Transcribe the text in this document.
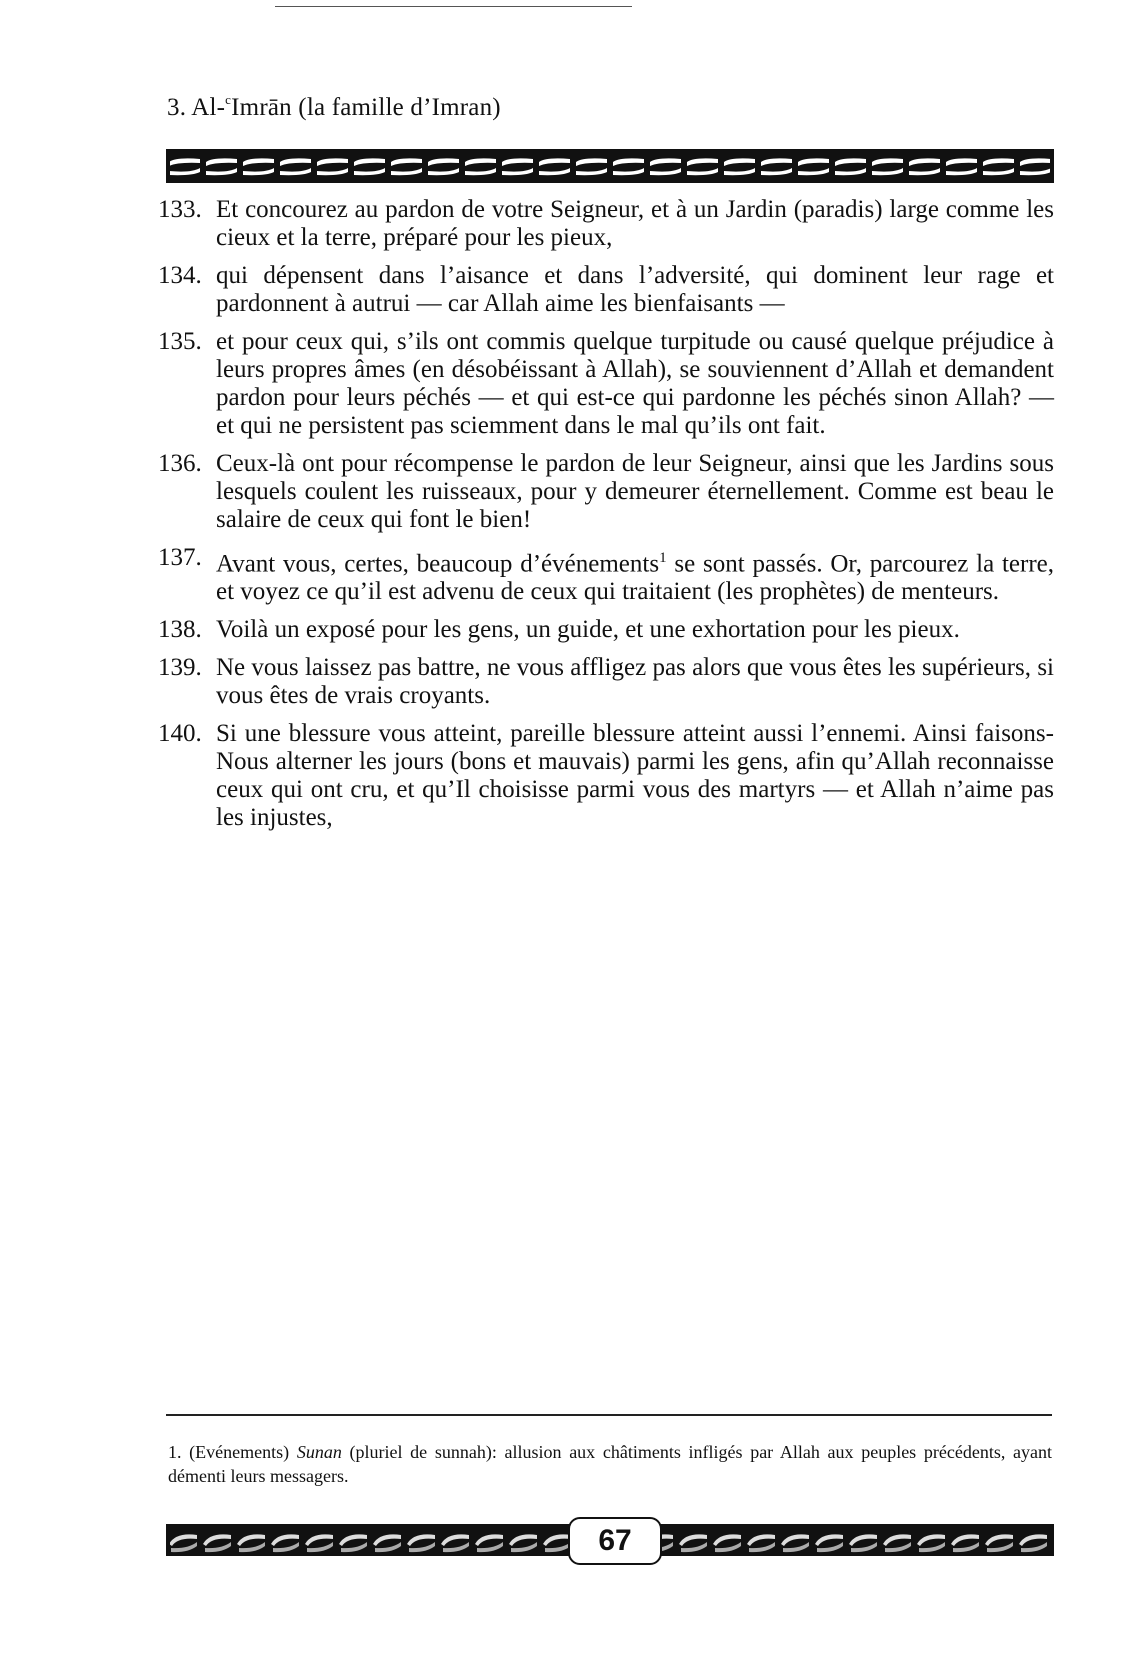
3. Al-$^c$Imrān (la famille d’Imran)
133. Et concourez au pardon de votre Seigneur, et à un Jardin (paradis) large comme les cieux et la terre, préparé pour les pieux,
134. qui dépensent dans l’aisance et dans l’adversité, qui dominent leur rage et pardonnent à autrui — car Allah aime les bienfaisants —
135. et pour ceux qui, s’ils ont commis quelque turpitude ou causé quelque préjudice à leurs propres âmes (en désobéissant à Allah), se souviennent d’Allah et demandent pardon pour leurs péchés — et qui est-ce qui pardonne les péchés sinon Allah? — et qui ne persistent pas sciemment dans le mal qu’ils ont fait.
136. Ceux-là ont pour récompense le pardon de leur Seigneur, ainsi que les Jardins sous lesquels coulent les ruisseaux, pour y demeurer éternellement. Comme est beau le salaire de ceux qui font le bien!
137. Avant vous, certes, beaucoup d’événements$^1$ se sont passés. Or, parcourez la terre, et voyez ce qu’il est advenu de ceux qui traitaient (les prophètes) de menteurs.
138. Voilà un exposé pour les gens, un guide, et une exhortation pour les pieux.
139. Ne vous laissez pas battre, ne vous affligez pas alors que vous êtes les supérieurs, si vous êtes de vrais croyants.
140. Si une blessure vous atteint, pareille blessure atteint aussi l’ennemi. Ainsi faisons-Nous alterner les jours (bons et mauvais) parmi les gens, afin qu’Allah reconnaisse ceux qui ont cru, et qu’Il choisisse parmi vous des martyrs — et Allah n’aime pas les injustes,
1. (Evénements) Sunan (pluriel de sunnah): allusion aux châtiments infligés par Allah aux peuples précédents, ayant démenti leurs messagers.
67
